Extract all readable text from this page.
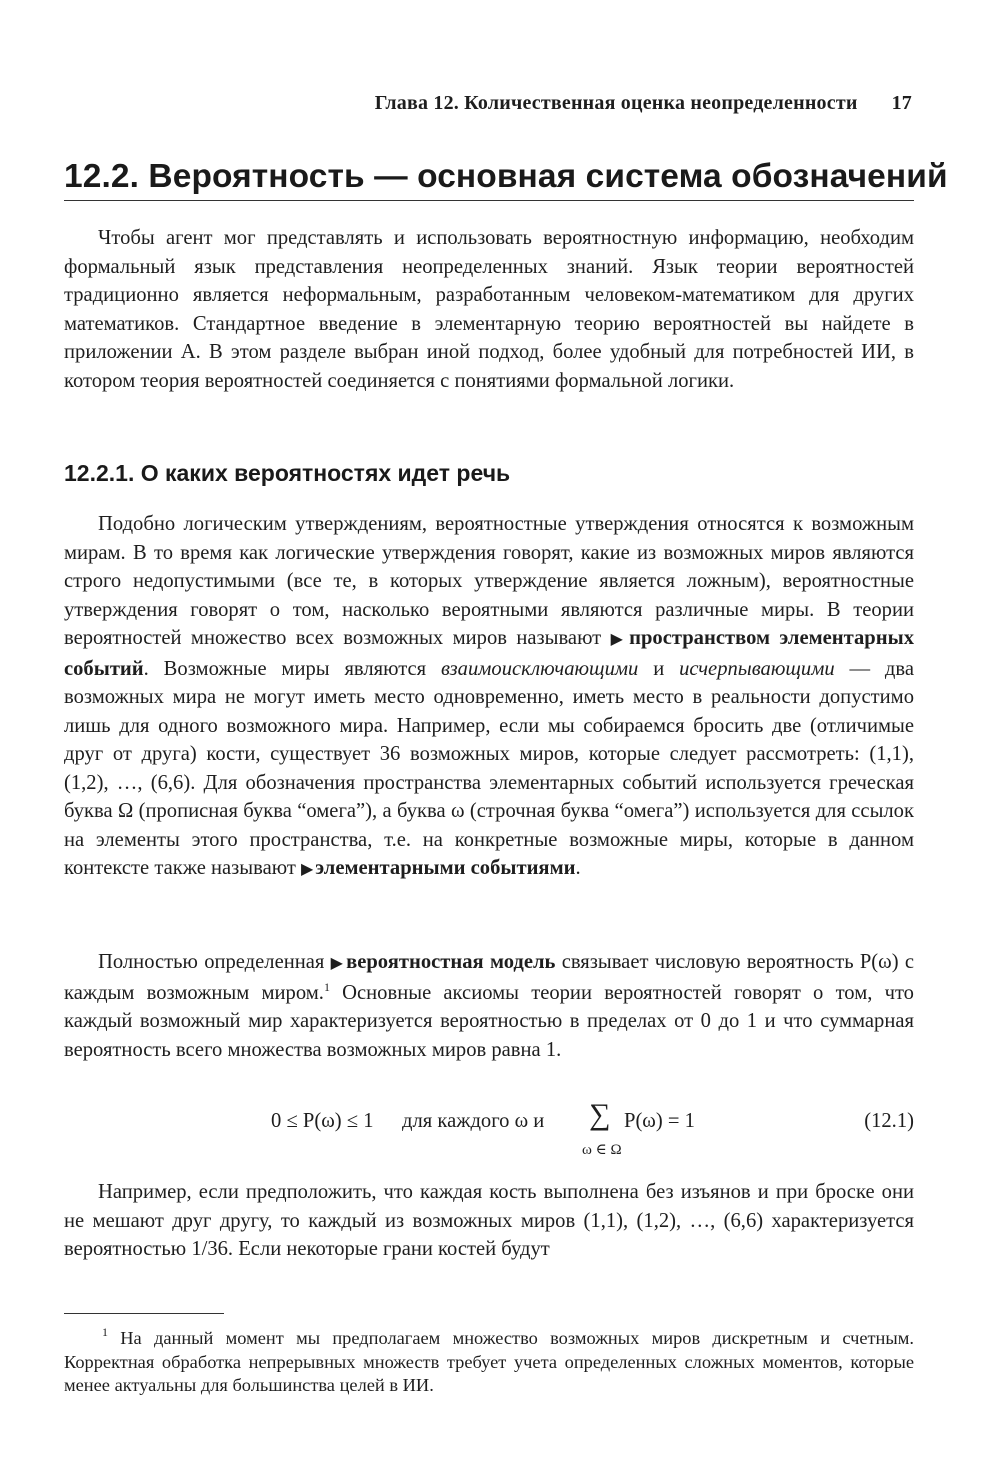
Глава 12. Количественная оценка неопределенности 17
12.2. Вероятность — основная система обозначений

Чтобы агент мог представлять и использовать вероятностную информацию, необходим формальный язык представления неопределенных знаний. Язык теории вероятностей традиционно является неформальным, разработанным человеком-математиком для других математиков. Стандартное введение в элементарную теорию вероятностей вы найдете в приложении A. В этом разделе выбран иной подход, более удобный для потребностей ИИ, в котором теория вероятностей соединяется с понятиями формальной логики.

12.2.1. О каких вероятностях идет речь

Подобно логическим утверждениям, вероятностные утверждения относятся к возможным мирам. В то время как логические утверждения говорят, какие из возможных миров являются строго недопустимыми (все те, в которых утверждение является ложным), вероятностные утверждения говорят о том, насколько вероятными являются различные миры. В теории вероятностей множество всех возможных миров называют ▶пространством элементарных событий. Возможные миры являются взаимоисключающими и исчерпывающими — два возможных мира не могут иметь место одновременно, иметь место в реальности допустимо лишь для одного возможного мира. Например, если мы собираемся бросить две (отличимые друг от друга) кости, существует 36 возможных миров, которые следует рассмотреть: (1,1), (1,2), …, (6,6). Для обозначения пространства элементарных событий используется греческая буква Ω (прописная буква “омега”), а буква ω (строчная буква “омега”) используется для ссылок на элементы этого пространства, т.е. на конкретные возможные миры, которые в данном контексте также называют ▶элементарными событиями.

Полностью определенная ▶вероятностная модель связывает числовую вероятность P(ω) с каждым возможным миром.$^1$ Основные аксиомы теории вероятностей говорят о том, что каждый возможный мир характеризуется вероятностью в пределах от 0 до 1 и что суммарная вероятность всего множества возможных миров равна 1.

0 ≤ P(ω) ≤ 1 для каждого ω и ∑
ω ∈ Ω
P(ω) = 1	(12.1)

Например, если предположить, что каждая кость выполнена без изъянов и при броске они не мешают друг другу, то каждый из возможных миров (1,1), (1,2), …, (6,6) характеризуется вероятностью 1/36. Если некоторые грани костей будут

$^1$ На данный момент мы предполагаем множество возможных миров дискретным и счетным. Корректная обработка непрерывных множеств требует учета определенных сложных моментов, которые менее актуальны для большинства целей в ИИ.
